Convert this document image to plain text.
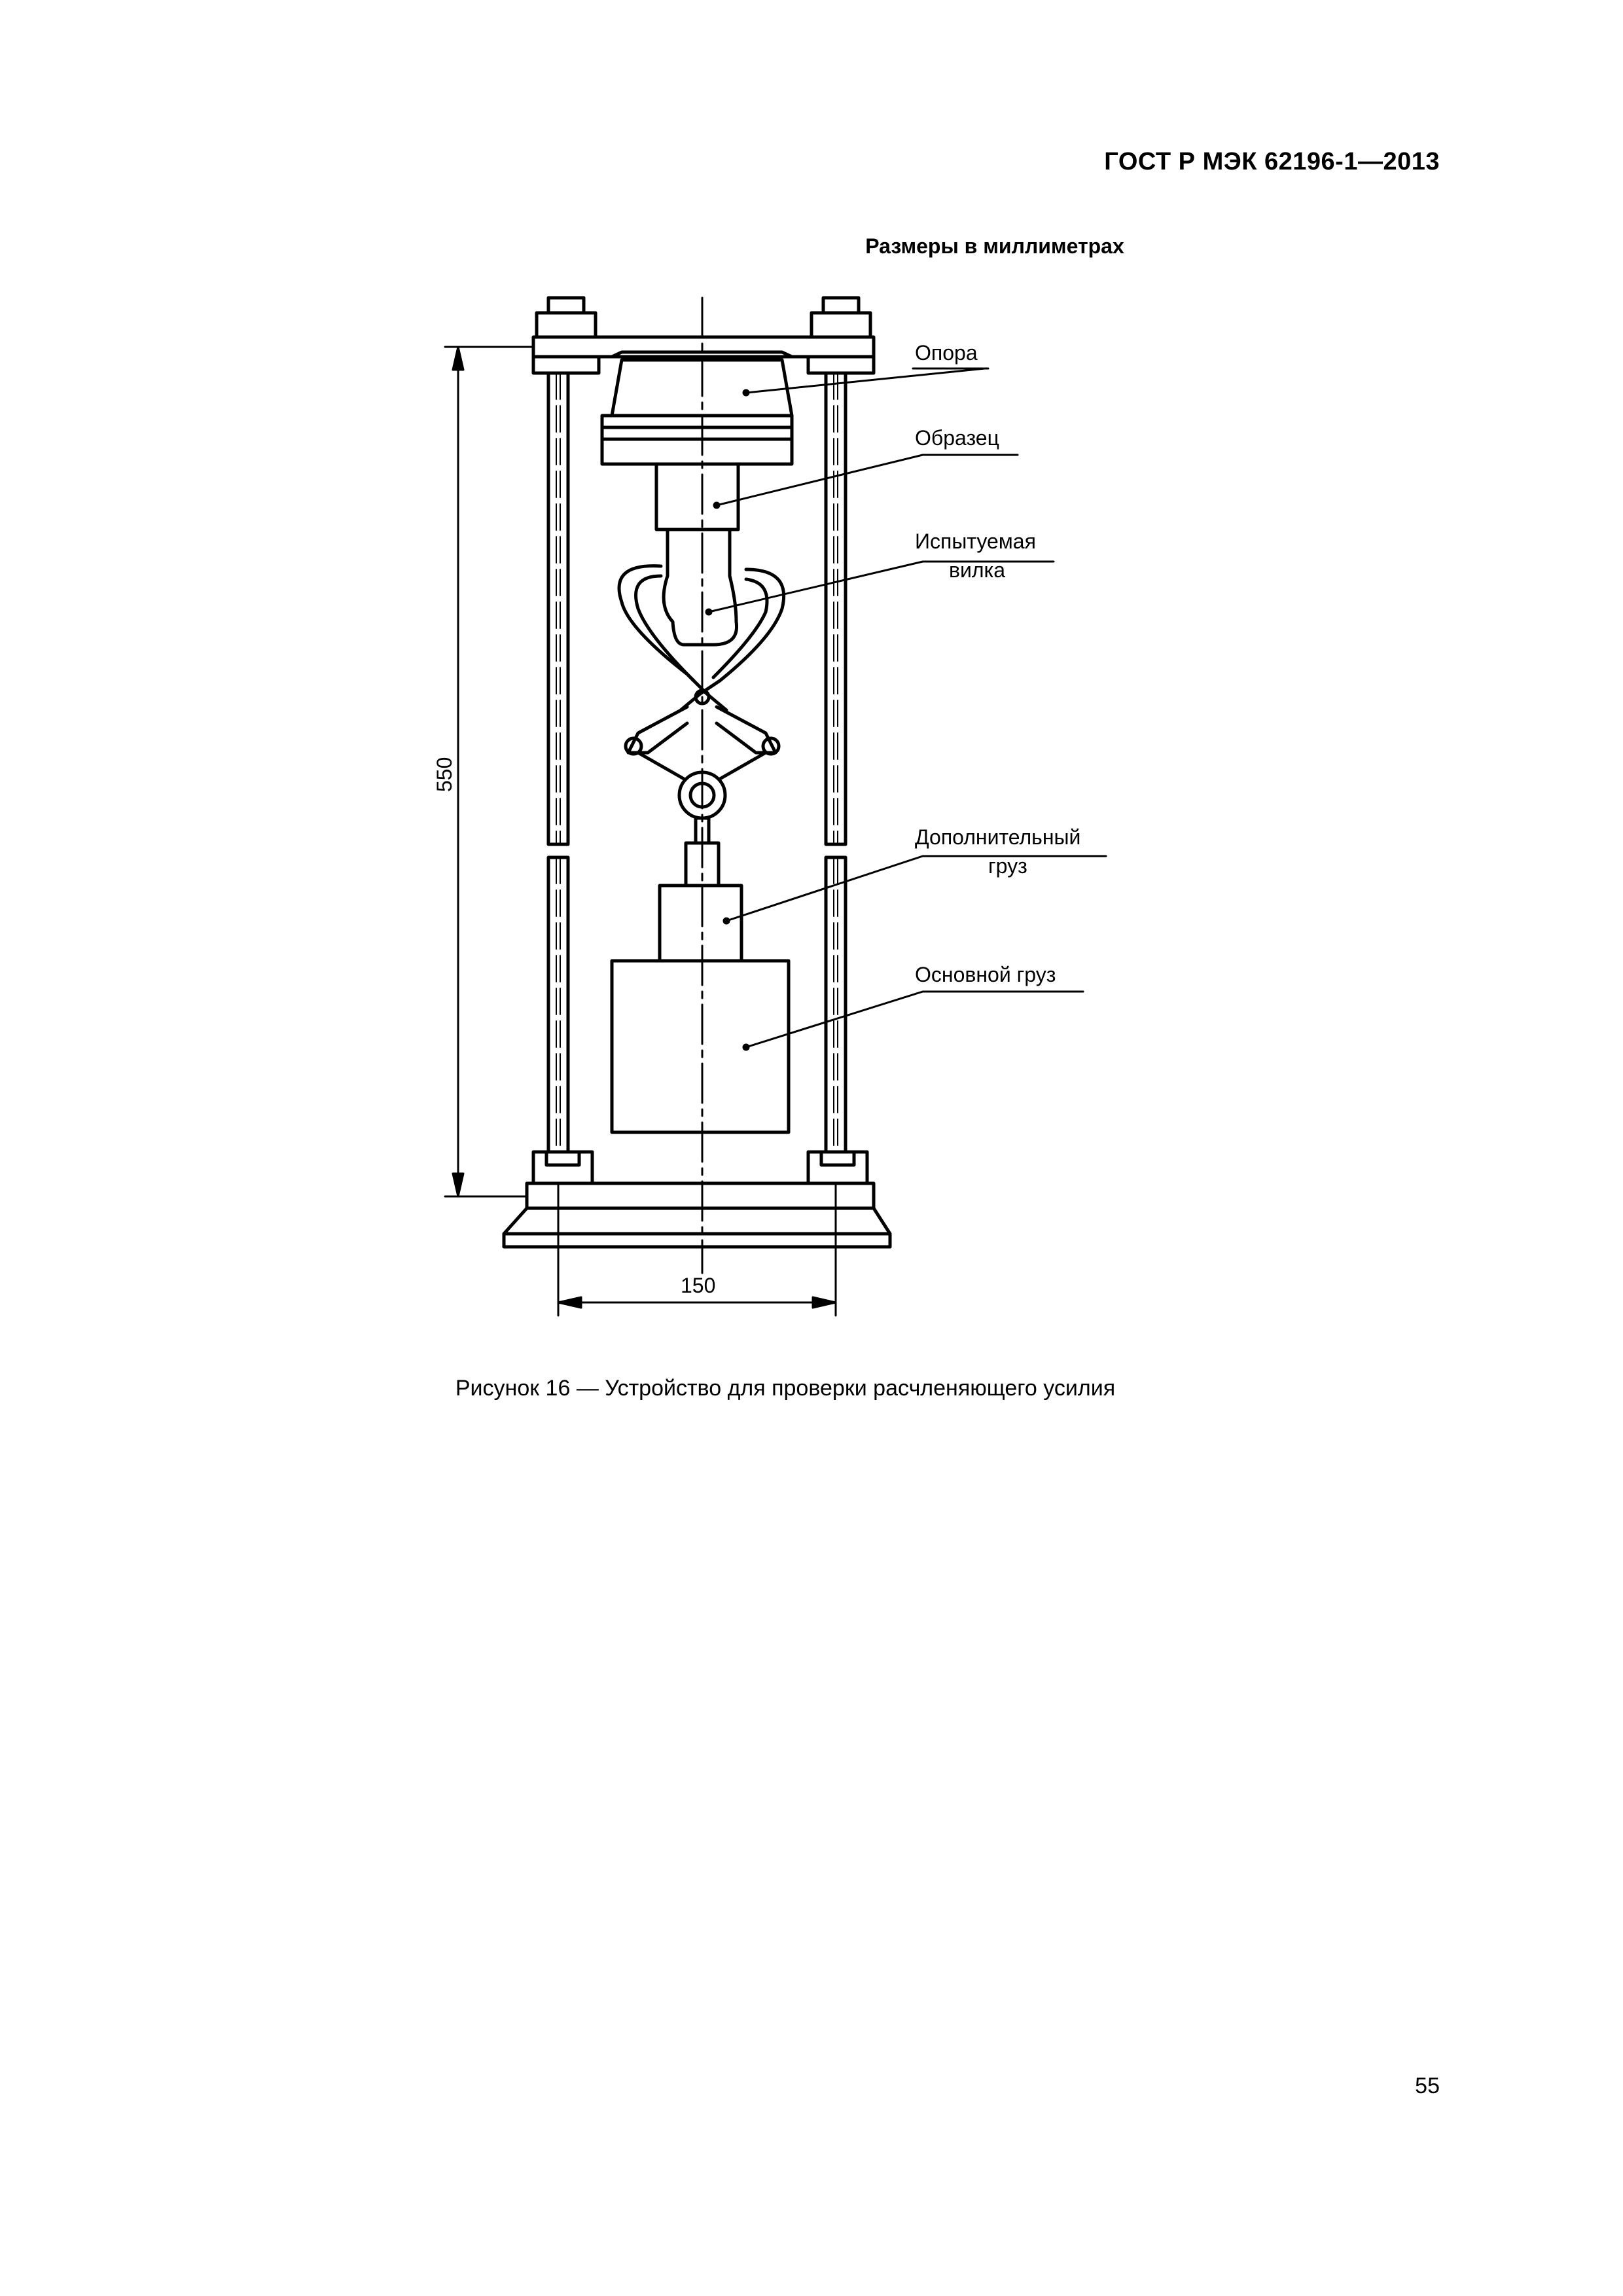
ГОСТ Р МЭК 62196-1—2013
Размеры в миллиметрах
Опора
Образец
Испытуемая
вилка
Дополнительный
груз
Основной груз
550
150
Рисунок 16 — Устройство для проверки расчленяющего усилия
55
